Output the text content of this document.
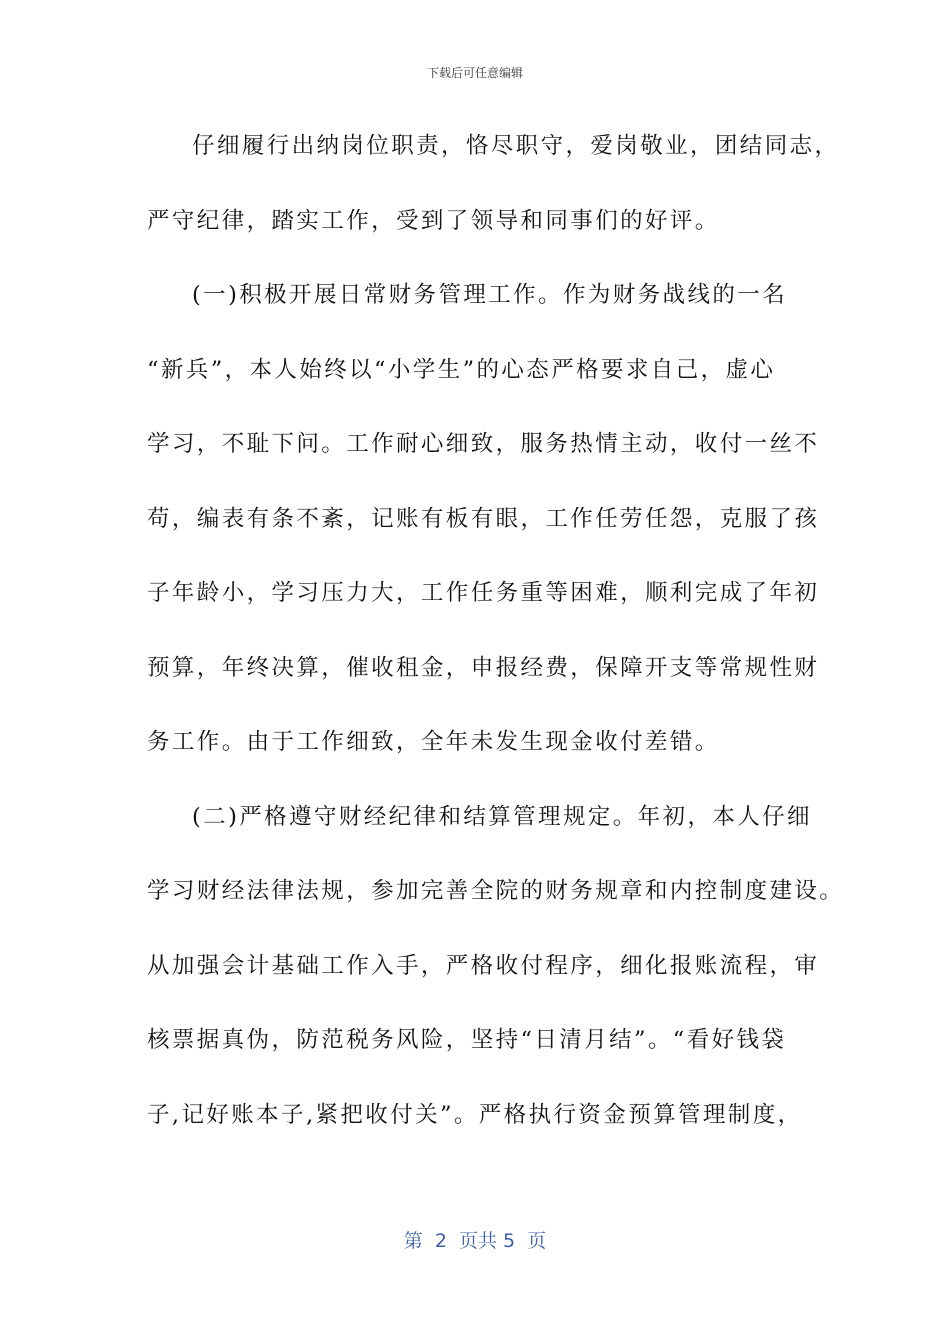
下载后可任意编辑
仔细履行出纳岗位职责，恪尽职守，爱岗敬业，团结同志，
严守纪律，踏实工作，受到了领导和同事们的好评。
(一)积极开展日常财务管理工作。作为财务战线的一名
“新兵”，本人始终以“小学生”的心态严格要求自己，虚心
学习，不耻下问。工作耐心细致，服务热情主动，收付一丝不
苟，编表有条不紊，记账有板有眼，工作任劳任怨，克服了孩
子年龄小，学习压力大，工作任务重等困难，顺利完成了年初
预算，年终决算，催收租金，申报经费，保障开支等常规性财
务工作。由于工作细致，全年未发生现金收付差错。
(二)严格遵守财经纪律和结算管理规定。年初，本人仔细
学习财经法律法规，参加完善全院的财务规章和内控制度建设。
从加强会计基础工作入手，严格收付程序，细化报账流程，审
核票据真伪，防范税务风险，坚持“日清月结”。“看好钱袋
子,记好账本子,紧把收付关”。严格执行资金预算管理制度，
第  2  页共 5  页
